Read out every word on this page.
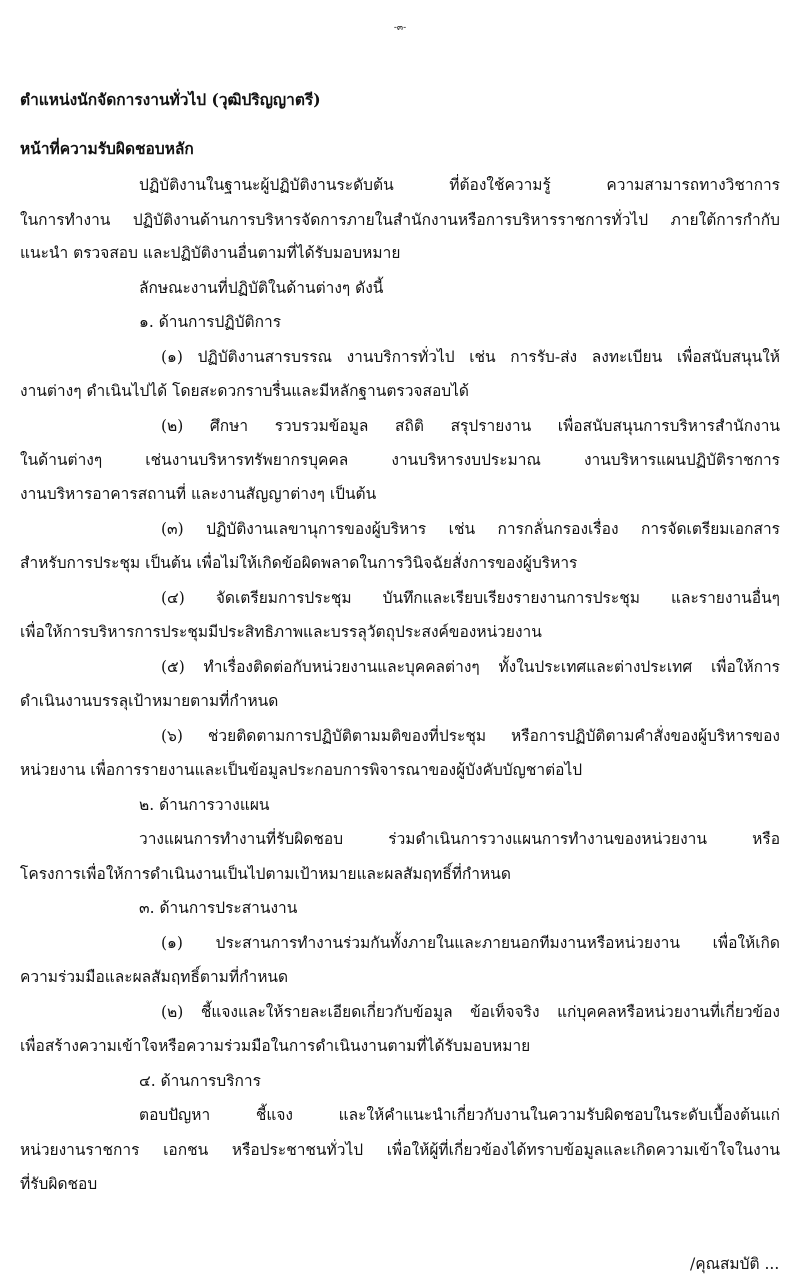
-๓-
ตำแหน่งนักจัดการงานทั่วไป (วุฒิปริญญาตรี)
หน้าที่ความรับผิดชอบหลัก
ปฏิบัติงานในฐานะผู้ปฏิบัติงานระดับต้น ที่ต้องใช้ความรู้ ความสามารถทางวิชาการ
ในการทำงาน ปฏิบัติงานด้านการบริหารจัดการภายในสำนักงานหรือการบริหารราชการทั่วไป ภายใต้การกำกับ
แนะนำ ตรวจสอบ และปฏิบัติงานอื่นตามที่ได้รับมอบหมาย
ลักษณะงานที่ปฏิบัติในด้านต่างๆ ดังนี้
๑. ด้านการปฏิบัติการ
(๑) ปฏิบัติงานสารบรรณ งานบริการทั่วไป เช่น การรับ-ส่ง ลงทะเบียน เพื่อสนับสนุนให้
งานต่างๆ ดำเนินไปได้ โดยสะดวกราบรื่นและมีหลักฐานตรวจสอบได้
(๒) ศึกษา รวบรวมข้อมูล สถิติ สรุปรายงาน เพื่อสนับสนุนการบริหารสำนักงาน
ในด้านต่างๆ เช่นงานบริหารทรัพยากรบุคคล งานบริหารงบประมาณ งานบริหารแผนปฏิบัติราชการ
งานบริหารอาคารสถานที่ และงานสัญญาต่างๆ เป็นต้น
(๓) ปฏิบัติงานเลขานุการของผู้บริหาร เช่น การกลั่นกรองเรื่อง การจัดเตรียมเอกสาร
สำหรับการประชุม เป็นต้น เพื่อไม่ให้เกิดข้อผิดพลาดในการวินิจฉัยสั่งการของผู้บริหาร
(๔) จัดเตรียมการประชุม บันทึกและเรียบเรียงรายงานการประชุม และรายงานอื่นๆ
เพื่อให้การบริหารการประชุมมีประสิทธิภาพและบรรลุวัตถุประสงค์ของหน่วยงาน
(๕) ทำเรื่องติดต่อกับหน่วยงานและบุคคลต่างๆ ทั้งในประเทศและต่างประเทศ เพื่อให้การ
ดำเนินงานบรรลุเป้าหมายตามที่กำหนด
(๖) ช่วยติดตามการปฏิบัติตามมติของที่ประชุม หรือการปฏิบัติตามคำสั่งของผู้บริหารของ
หน่วยงาน เพื่อการรายงานและเป็นข้อมูลประกอบการพิจารณาของผู้บังคับบัญชาต่อไป
๒. ด้านการวางแผน
วางแผนการทำงานที่รับผิดชอบ ร่วมดำเนินการวางแผนการทำงานของหน่วยงาน หรือ
โครงการเพื่อให้การดำเนินงานเป็นไปตามเป้าหมายและผลสัมฤทธิ์ที่กำหนด
๓. ด้านการประสานงาน
(๑) ประสานการทำงานร่วมกันทั้งภายในและภายนอกทีมงานหรือหน่วยงาน เพื่อให้เกิด
ความร่วมมือและผลสัมฤทธิ์ตามที่กำหนด
(๒) ชี้แจงและให้รายละเอียดเกี่ยวกับข้อมูล ข้อเท็จจริง แก่บุคคลหรือหน่วยงานที่เกี่ยวข้อง
เพื่อสร้างความเข้าใจหรือความร่วมมือในการดำเนินงานตามที่ได้รับมอบหมาย
๔. ด้านการบริการ
ตอบปัญหา ชี้แจง และให้คำแนะนำเกี่ยวกับงานในความรับผิดชอบในระดับเบื้องต้นแก่
หน่วยงานราชการ เอกชน หรือประชาชนทั่วไป เพื่อให้ผู้ที่เกี่ยวข้องได้ทราบข้อมูลและเกิดความเข้าใจในงาน
ที่รับผิดชอบ
/คุณสมบัติ ...
